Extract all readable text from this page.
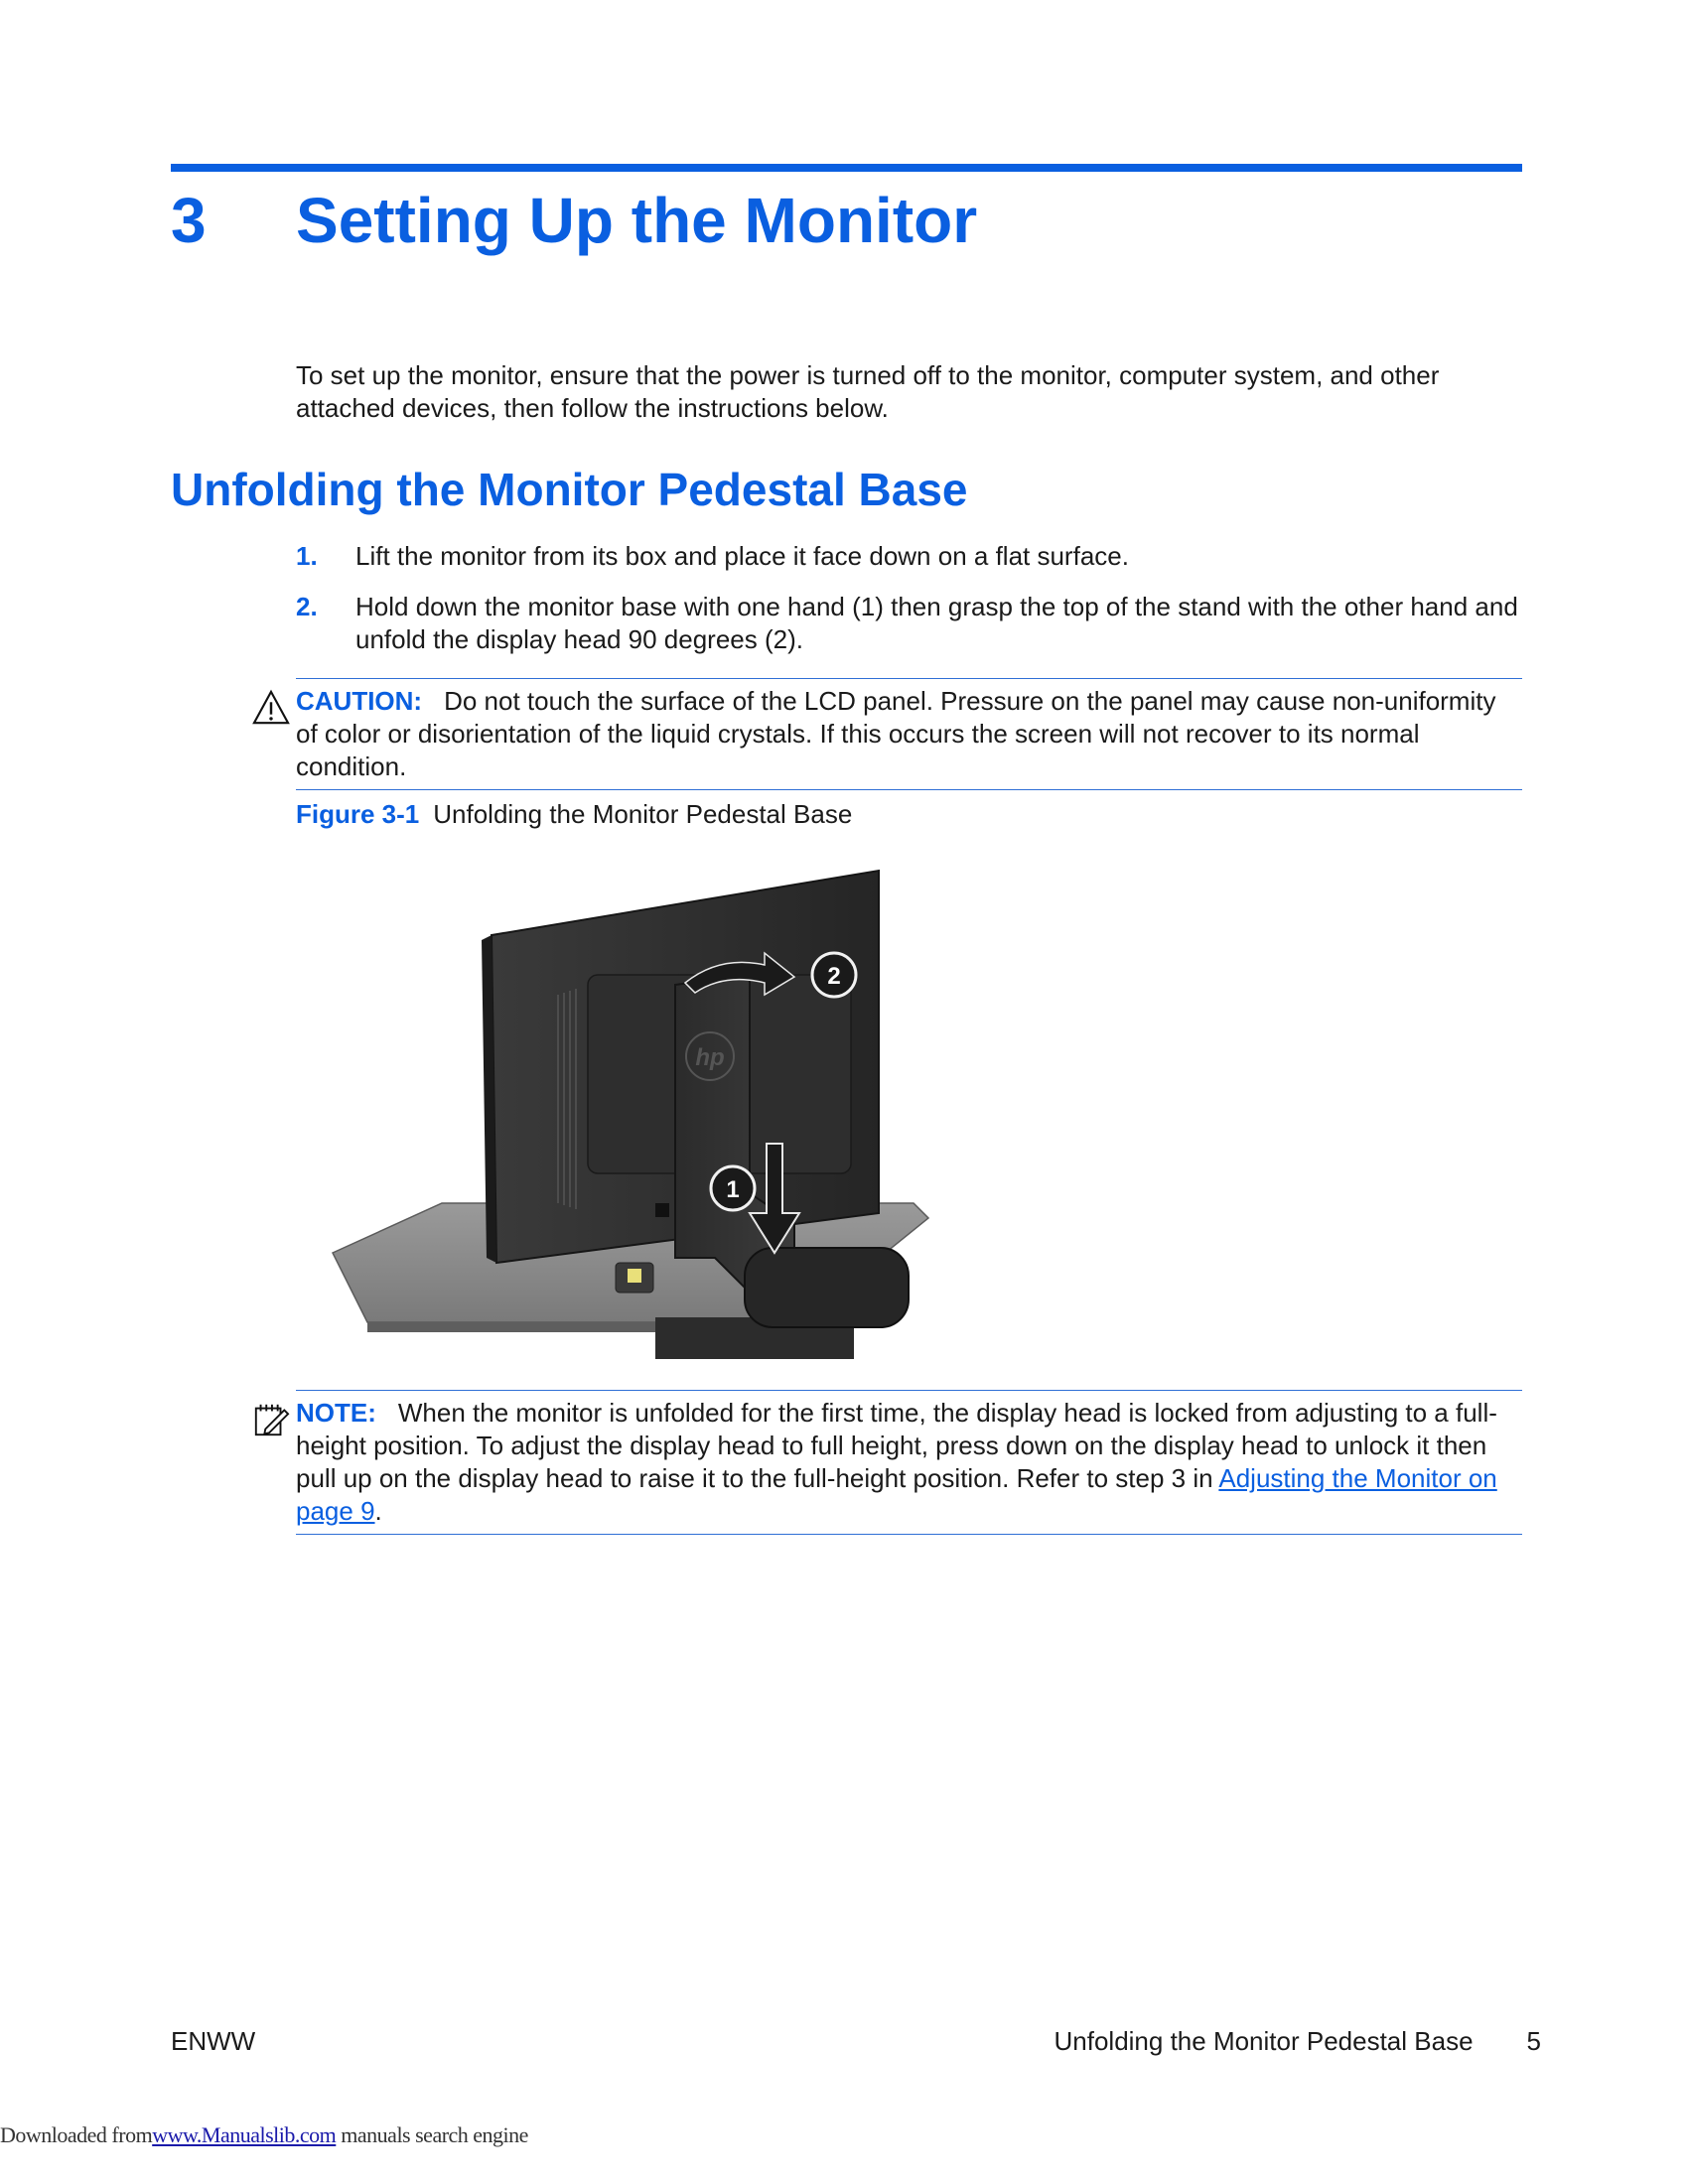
3 Setting Up the Monitor

To set up the monitor, ensure that the power is turned off to the monitor, computer system, and other attached devices, then follow the instructions below.

Unfolding the Monitor Pedestal Base
1. Lift the monitor from its box and place it face down on a flat surface.
2. Hold down the monitor base with one hand (1) then grasp the top of the stand with the other hand and unfold the display head 90 degrees (2).
CAUTION: Do not touch the surface of the LCD panel. Pressure on the panel may cause non-uniformity of color or disorientation of the liquid crystals. If this occurs the screen will not recover to its normal condition.

Figure 3-1 Unfolding the Monitor Pedestal Base

hp
2
1
NOTE: When the monitor is unfolded for the first time, the display head is locked from adjusting to a full-height position. To adjust the display head to full height, press down on the display head to unlock it then pull up on the display head to raise it to the full-height position. Refer to step 3 in Adjusting the Monitor on page 9.
ENWW	Unfolding the Monitor Pedestal Base 5
Downloaded fromwww.Manualslib.com manuals search engine
